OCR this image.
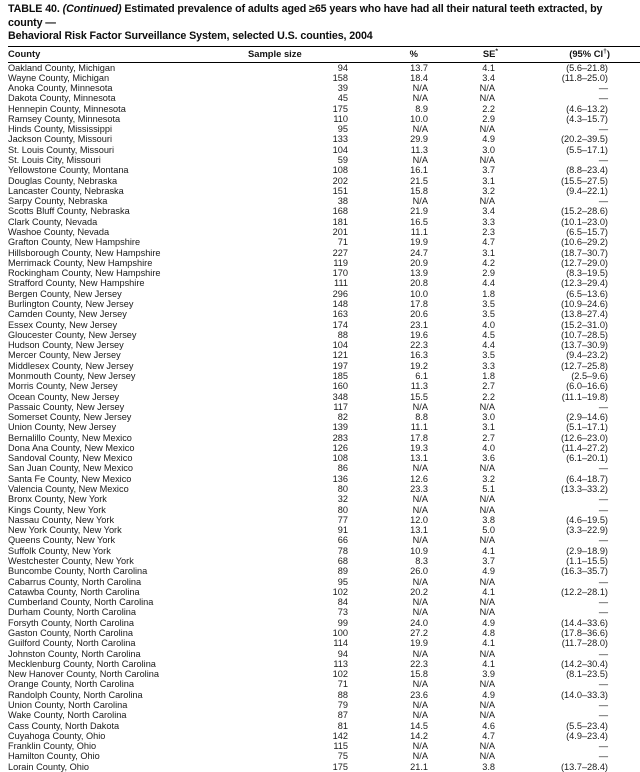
TABLE 40. (Continued) Estimated prevalence of adults aged ≥65 years who have had all their natural teeth extracted, by county —
Behavioral Risk Factor Surveillance System, selected U.S. counties, 2004
County	Sample size	%	SE*	(95% CI†)
Oakland County, Michigan	94	13.7	4.1	(5.6–21.8)
Wayne County, Michigan	158	18.4	3.4	(11.8–25.0)
Anoka County, Minnesota	39	N/A	N/A	—
Dakota County, Minnesota	45	N/A	N/A	—
Hennepin County, Minnesota	175	8.9	2.2	(4.6–13.2)
Ramsey County, Minnesota	110	10.0	2.9	(4.3–15.7)
Hinds County, Mississippi	95	N/A	N/A	—
Jackson County, Missouri	133	29.9	4.9	(20.2–39.5)
St. Louis County, Missouri	104	11.3	3.0	(5.5–17.1)
St. Louis City, Missouri	59	N/A	N/A	—
Yellowstone County, Montana	108	16.1	3.7	(8.8–23.4)
Douglas County, Nebraska	202	21.5	3.1	(15.5–27.5)
Lancaster County, Nebraska	151	15.8	3.2	(9.4–22.1)
Sarpy County, Nebraska	38	N/A	N/A	—
Scotts Bluff County, Nebraska	168	21.9	3.4	(15.2–28.6)
Clark County, Nevada	181	16.5	3.3	(10.1–23.0)
Washoe County, Nevada	201	11.1	2.3	(6.5–15.7)
Grafton County, New Hampshire	71	19.9	4.7	(10.6–29.2)
Hillsborough County, New Hampshire	227	24.7	3.1	(18.7–30.7)
Merrimack County, New Hampshire	119	20.9	4.2	(12.7–29.0)
Rockingham County, New Hampshire	170	13.9	2.9	(8.3–19.5)
Strafford County, New Hampshire	111	20.8	4.4	(12.3–29.4)
Bergen County, New Jersey	296	10.0	1.8	(6.5–13.6)
Burlington County, New Jersey	148	17.8	3.5	(10.9–24.6)
Camden County, New Jersey	163	20.6	3.5	(13.8–27.4)
Essex County, New Jersey	174	23.1	4.0	(15.2–31.0)
Gloucester County, New Jersey	88	19.6	4.5	(10.7–28.5)
Hudson County, New Jersey	104	22.3	4.4	(13.7–30.9)
Mercer County, New Jersey	121	16.3	3.5	(9.4–23.2)
Middlesex County, New Jersey	197	19.2	3.3	(12.7–25.8)
Monmouth County, New Jersey	185	6.1	1.8	(2.5–9.6)
Morris County, New Jersey	160	11.3	2.7	(6.0–16.6)
Ocean County, New Jersey	348	15.5	2.2	(11.1–19.8)
Passaic County, New Jersey	117	N/A	N/A	—
Somerset County, New Jersey	82	8.8	3.0	(2.9–14.6)
Union County, New Jersey	139	11.1	3.1	(5.1–17.1)
Bernalillo County, New Mexico	283	17.8	2.7	(12.6–23.0)
Dona Ana County, New Mexico	126	19.3	4.0	(11.4–27.2)
Sandoval County, New Mexico	108	13.1	3.6	(6.1–20.1)
San Juan County, New Mexico	86	N/A	N/A	—
Santa Fe County, New Mexico	136	12.6	3.2	(6.4–18.7)
Valencia County, New Mexico	80	23.3	5.1	(13.3–33.2)
Bronx County, New York	32	N/A	N/A	—
Kings County, New York	80	N/A	N/A	—
Nassau County, New York	77	12.0	3.8	(4.6–19.5)
New York County, New York	91	13.1	5.0	(3.3–22.9)
Queens County, New York	66	N/A	N/A	—
Suffolk County, New York	78	10.9	4.1	(2.9–18.9)
Westchester County, New York	68	8.3	3.7	(1.1–15.5)
Buncombe County, North Carolina	89	26.0	4.9	(16.3–35.7)
Cabarrus County, North Carolina	95	N/A	N/A	—
Catawba County, North Carolina	102	20.2	4.1	(12.2–28.1)
Cumberland County, North Carolina	84	N/A	N/A	—
Durham County, North Carolina	73	N/A	N/A	—
Forsyth County, North Carolina	99	24.0	4.9	(14.4–33.6)
Gaston County, North Carolina	100	27.2	4.8	(17.8–36.6)
Guilford County, North Carolina	114	19.9	4.1	(11.7–28.0)
Johnston County, North Carolina	94	N/A	N/A	—
Mecklenburg County, North Carolina	113	22.3	4.1	(14.2–30.4)
New Hanover County, North Carolina	102	15.8	3.9	(8.1–23.5)
Orange County, North Carolina	71	N/A	N/A	—
Randolph County, North Carolina	88	23.6	4.9	(14.0–33.3)
Union County, North Carolina	79	N/A	N/A	—
Wake County, North Carolina	87	N/A	N/A	—
Cass County, North Dakota	81	14.5	4.6	(5.5–23.4)
Cuyahoga County, Ohio	142	14.2	4.7	(4.9–23.4)
Franklin County, Ohio	115	N/A	N/A	—
Hamilton County, Ohio	75	N/A	N/A	—
Lorain County, Ohio	175	21.1	3.8	(13.7–28.4)
